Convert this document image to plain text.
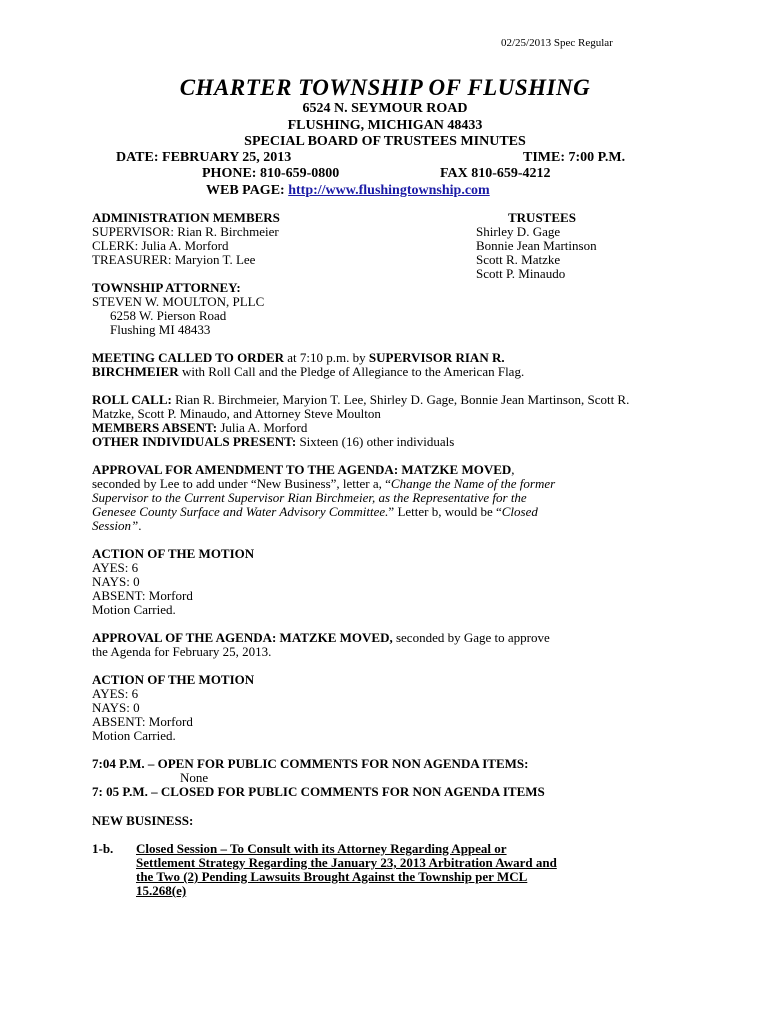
02/25/2013 Spec Regular
CHARTER TOWNSHIP OF FLUSHING
6524 N. SEYMOUR ROAD
FLUSHING, MICHIGAN 48433
SPECIAL BOARD OF TRUSTEES MINUTES
DATE: FEBRUARY 25, 2013	TIME: 7:00 P.M.
PHONE: 810-659-0800	FAX 810-659-4212
WEB PAGE: http://www.flushingtownship.com
ADMINISTRATION MEMBERS
SUPERVISOR: Rian R. Birchmeier
CLERK: Julia A. Morford
TREASURER: Maryion T. Lee
TRUSTEES
Shirley D. Gage
Bonnie Jean Martinson
Scott R. Matzke
Scott P. Minaudo
TOWNSHIP ATTORNEY:
STEVEN W. MOULTON, PLLC
6258 W. Pierson Road
Flushing MI 48433
MEETING CALLED TO ORDER at 7:10 p.m. by SUPERVISOR RIAN R.
BIRCHMEIER with Roll Call and the Pledge of Allegiance to the American Flag.
ROLL CALL: Rian R. Birchmeier, Maryion T. Lee, Shirley D. Gage, Bonnie Jean Martinson, Scott R.
Matzke, Scott P. Minaudo, and Attorney Steve Moulton
MEMBERS ABSENT: Julia A. Morford
OTHER INDIVIDUALS PRESENT: Sixteen (16) other individuals
APPROVAL FOR AMENDMENT TO THE AGENDA: MATZKE MOVED,
seconded by Lee to add under “New Business”, letter a, “Change the Name of the former
Supervisor to the Current Supervisor Rian Birchmeier, as the Representative for the
Genesee County Surface and Water Advisory Committee.” Letter b, would be “Closed
Session”.
ACTION OF THE MOTION
AYES: 6
NAYS: 0
ABSENT: Morford
Motion Carried.
APPROVAL OF THE AGENDA: MATZKE MOVED, seconded by Gage to approve
the Agenda for February 25, 2013.
ACTION OF THE MOTION
AYES: 6
NAYS: 0
ABSENT: Morford
Motion Carried.
7:04 P.M. – OPEN FOR PUBLIC COMMENTS FOR NON AGENDA ITEMS:
None
7: 05 P.M. – CLOSED FOR PUBLIC COMMENTS FOR NON AGENDA ITEMS
NEW BUSINESS:
1-b. Closed Session – To Consult with its Attorney Regarding Appeal or
Settlement Strategy Regarding the January 23, 2013 Arbitration Award and
the Two (2) Pending Lawsuits Brought Against the Township per MCL
15.268(e)
